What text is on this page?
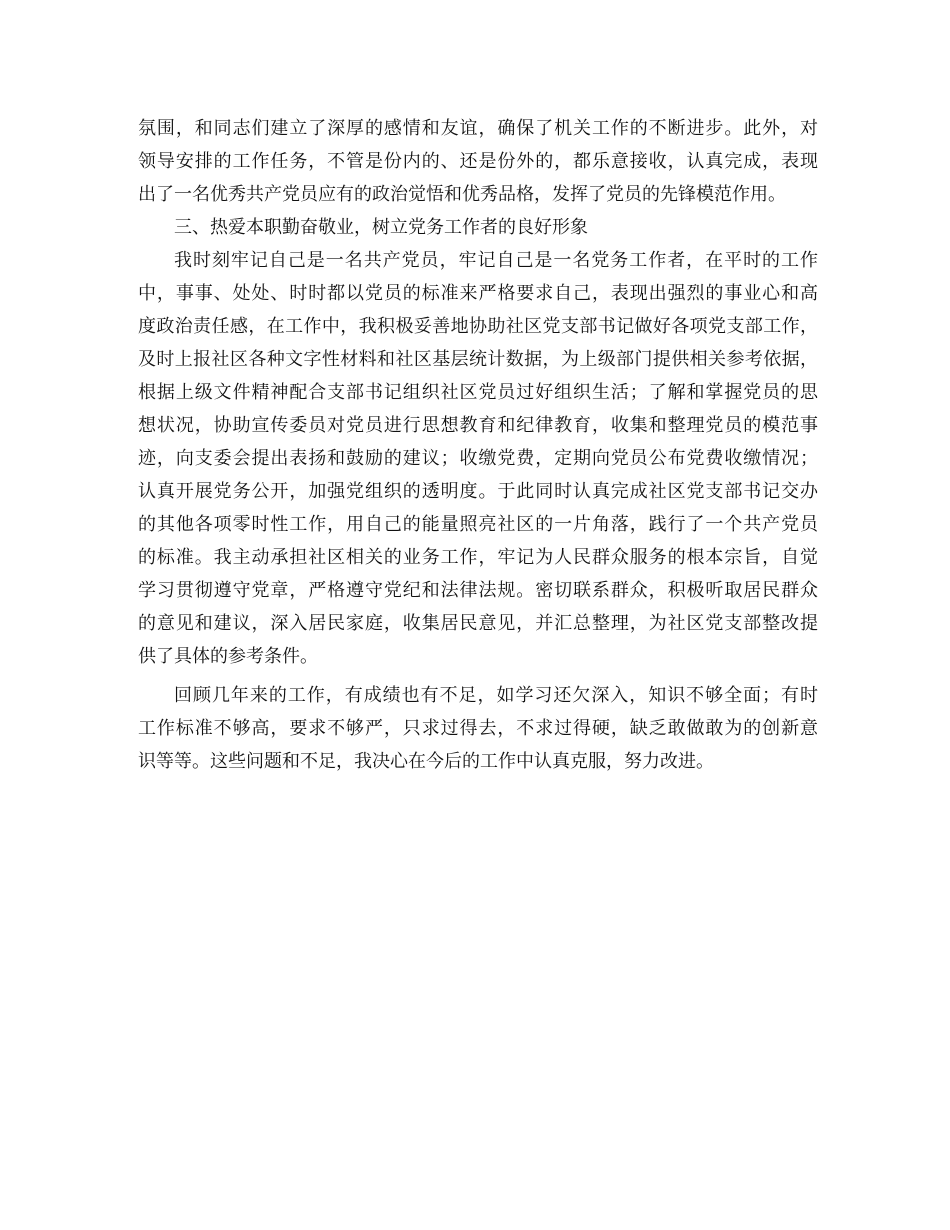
氛围，和同志们建立了深厚的感情和友谊，确保了机关工作的不断进步。此外，对
领导安排的工作任务，不管是份内的、还是份外的，都乐意接收，认真完成，表现
出了一名优秀共产党员应有的政治觉悟和优秀品格，发挥了党员的先锋模范作用。

三、热爱本职勤奋敬业，树立党务工作者的良好形象

我时刻牢记自己是一名共产党员，牢记自己是一名党务工作者，在平时的工作
中，事事、处处、时时都以党员的标准来严格要求自己，表现出强烈的事业心和高
度政治责任感，在工作中，我积极妥善地协助社区党支部书记做好各项党支部工作，
及时上报社区各种文字性材料和社区基层统计数据，为上级部门提供相关参考依据，
根据上级文件精神配合支部书记组织社区党员过好组织生活；了解和掌握党员的思
想状况，协助宣传委员对党员进行思想教育和纪律教育，收集和整理党员的模范事
迹，向支委会提出表扬和鼓励的建议；收缴党费，定期向党员公布党费收缴情况；
认真开展党务公开，加强党组织的透明度。于此同时认真完成社区党支部书记交办
的其他各项零时性工作，用自己的能量照亮社区的一片角落，践行了一个共产党员
的标准。我主动承担社区相关的业务工作，牢记为人民群众服务的根本宗旨，自觉
学习贯彻遵守党章，严格遵守党纪和法律法规。密切联系群众，积极听取居民群众
的意见和建议，深入居民家庭，收集居民意见，并汇总整理，为社区党支部整改提
供了具体的参考条件。

回顾几年来的工作，有成绩也有不足，如学习还欠深入，知识不够全面；有时
工作标准不够高，要求不够严，只求过得去，不求过得硬，缺乏敢做敢为的创新意
识等等。这些问题和不足，我决心在今后的工作中认真克服，努力改进。
